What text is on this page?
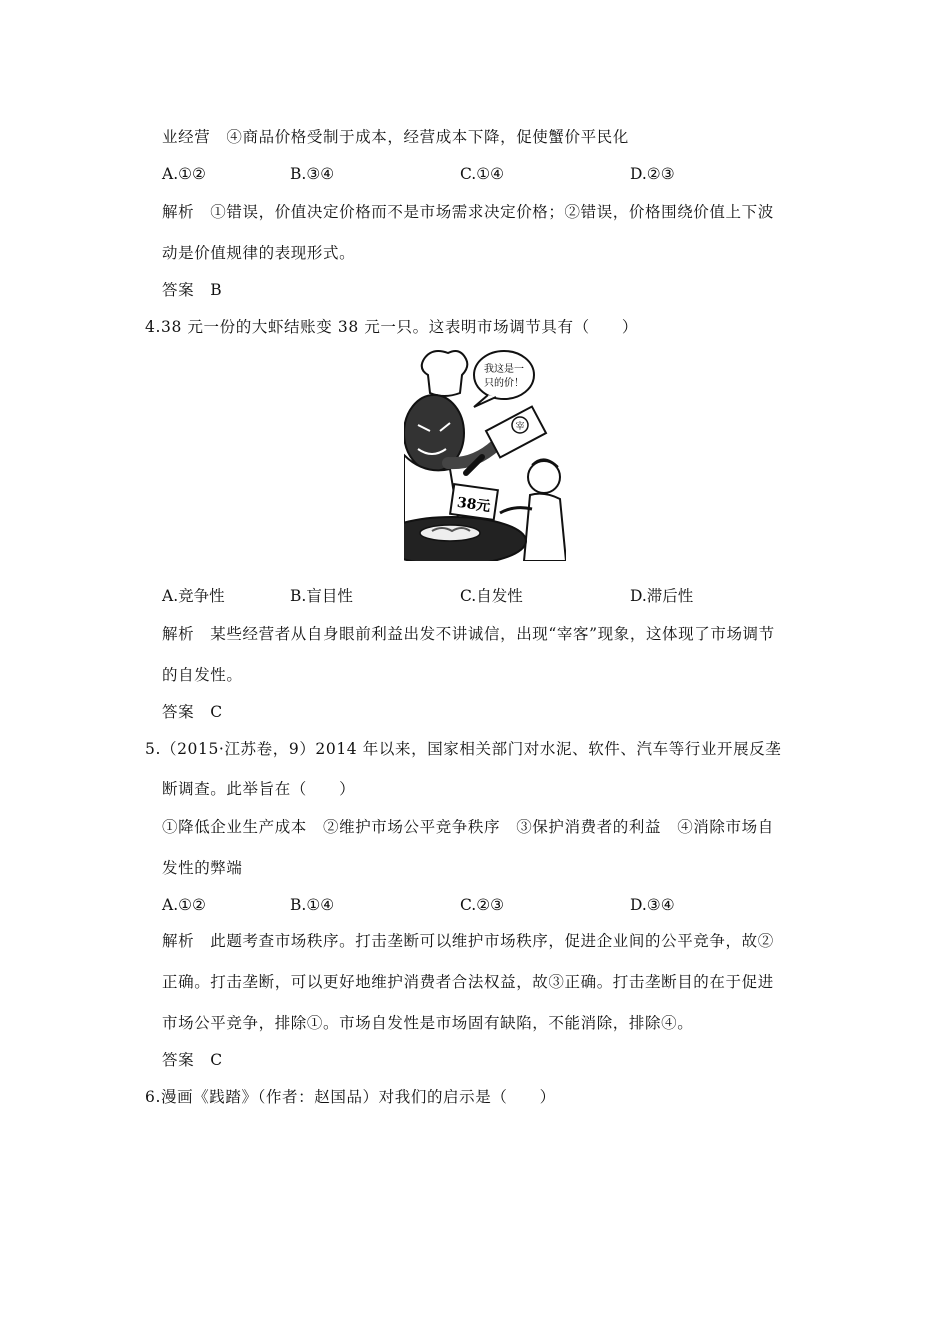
业经营　④商品价格受制于成本，经营成本下降，促使蟹价平民化
A.①②	B.③④	C.①④	D.②③
解析　①错误，价值决定价格而不是市场需求决定价格；②错误，价格围绕价值上下波
动是价值规律的表现形式。
答案　B
4.38 元一份的大虾结账变 38 元一只。这表明市场调节具有（　　）
宰
我这是一
只的价！
38元
A.竞争性	B.盲目性	C.自发性	D.滞后性
解析　某些经营者从自身眼前利益出发不讲诚信，出现“宰客”现象，这体现了市场调节
的自发性。
答案　C
5.（2015·江苏卷，9）2014 年以来，国家相关部门对水泥、软件、汽车等行业开展反垄
断调查。此举旨在（　　）
①降低企业生产成本　②维护市场公平竞争秩序　③保护消费者的利益　④消除市场自
发性的弊端
A.①②	B.①④	C.②③	D.③④
解析　此题考查市场秩序。打击垄断可以维护市场秩序，促进企业间的公平竞争，故②
正确。打击垄断，可以更好地维护消费者合法权益，故③正确。打击垄断目的在于促进
市场公平竞争，排除①。市场自发性是市场固有缺陷，不能消除，排除④。
答案　C
6.漫画《践踏》（作者：赵国品）对我们的启示是（　　）
